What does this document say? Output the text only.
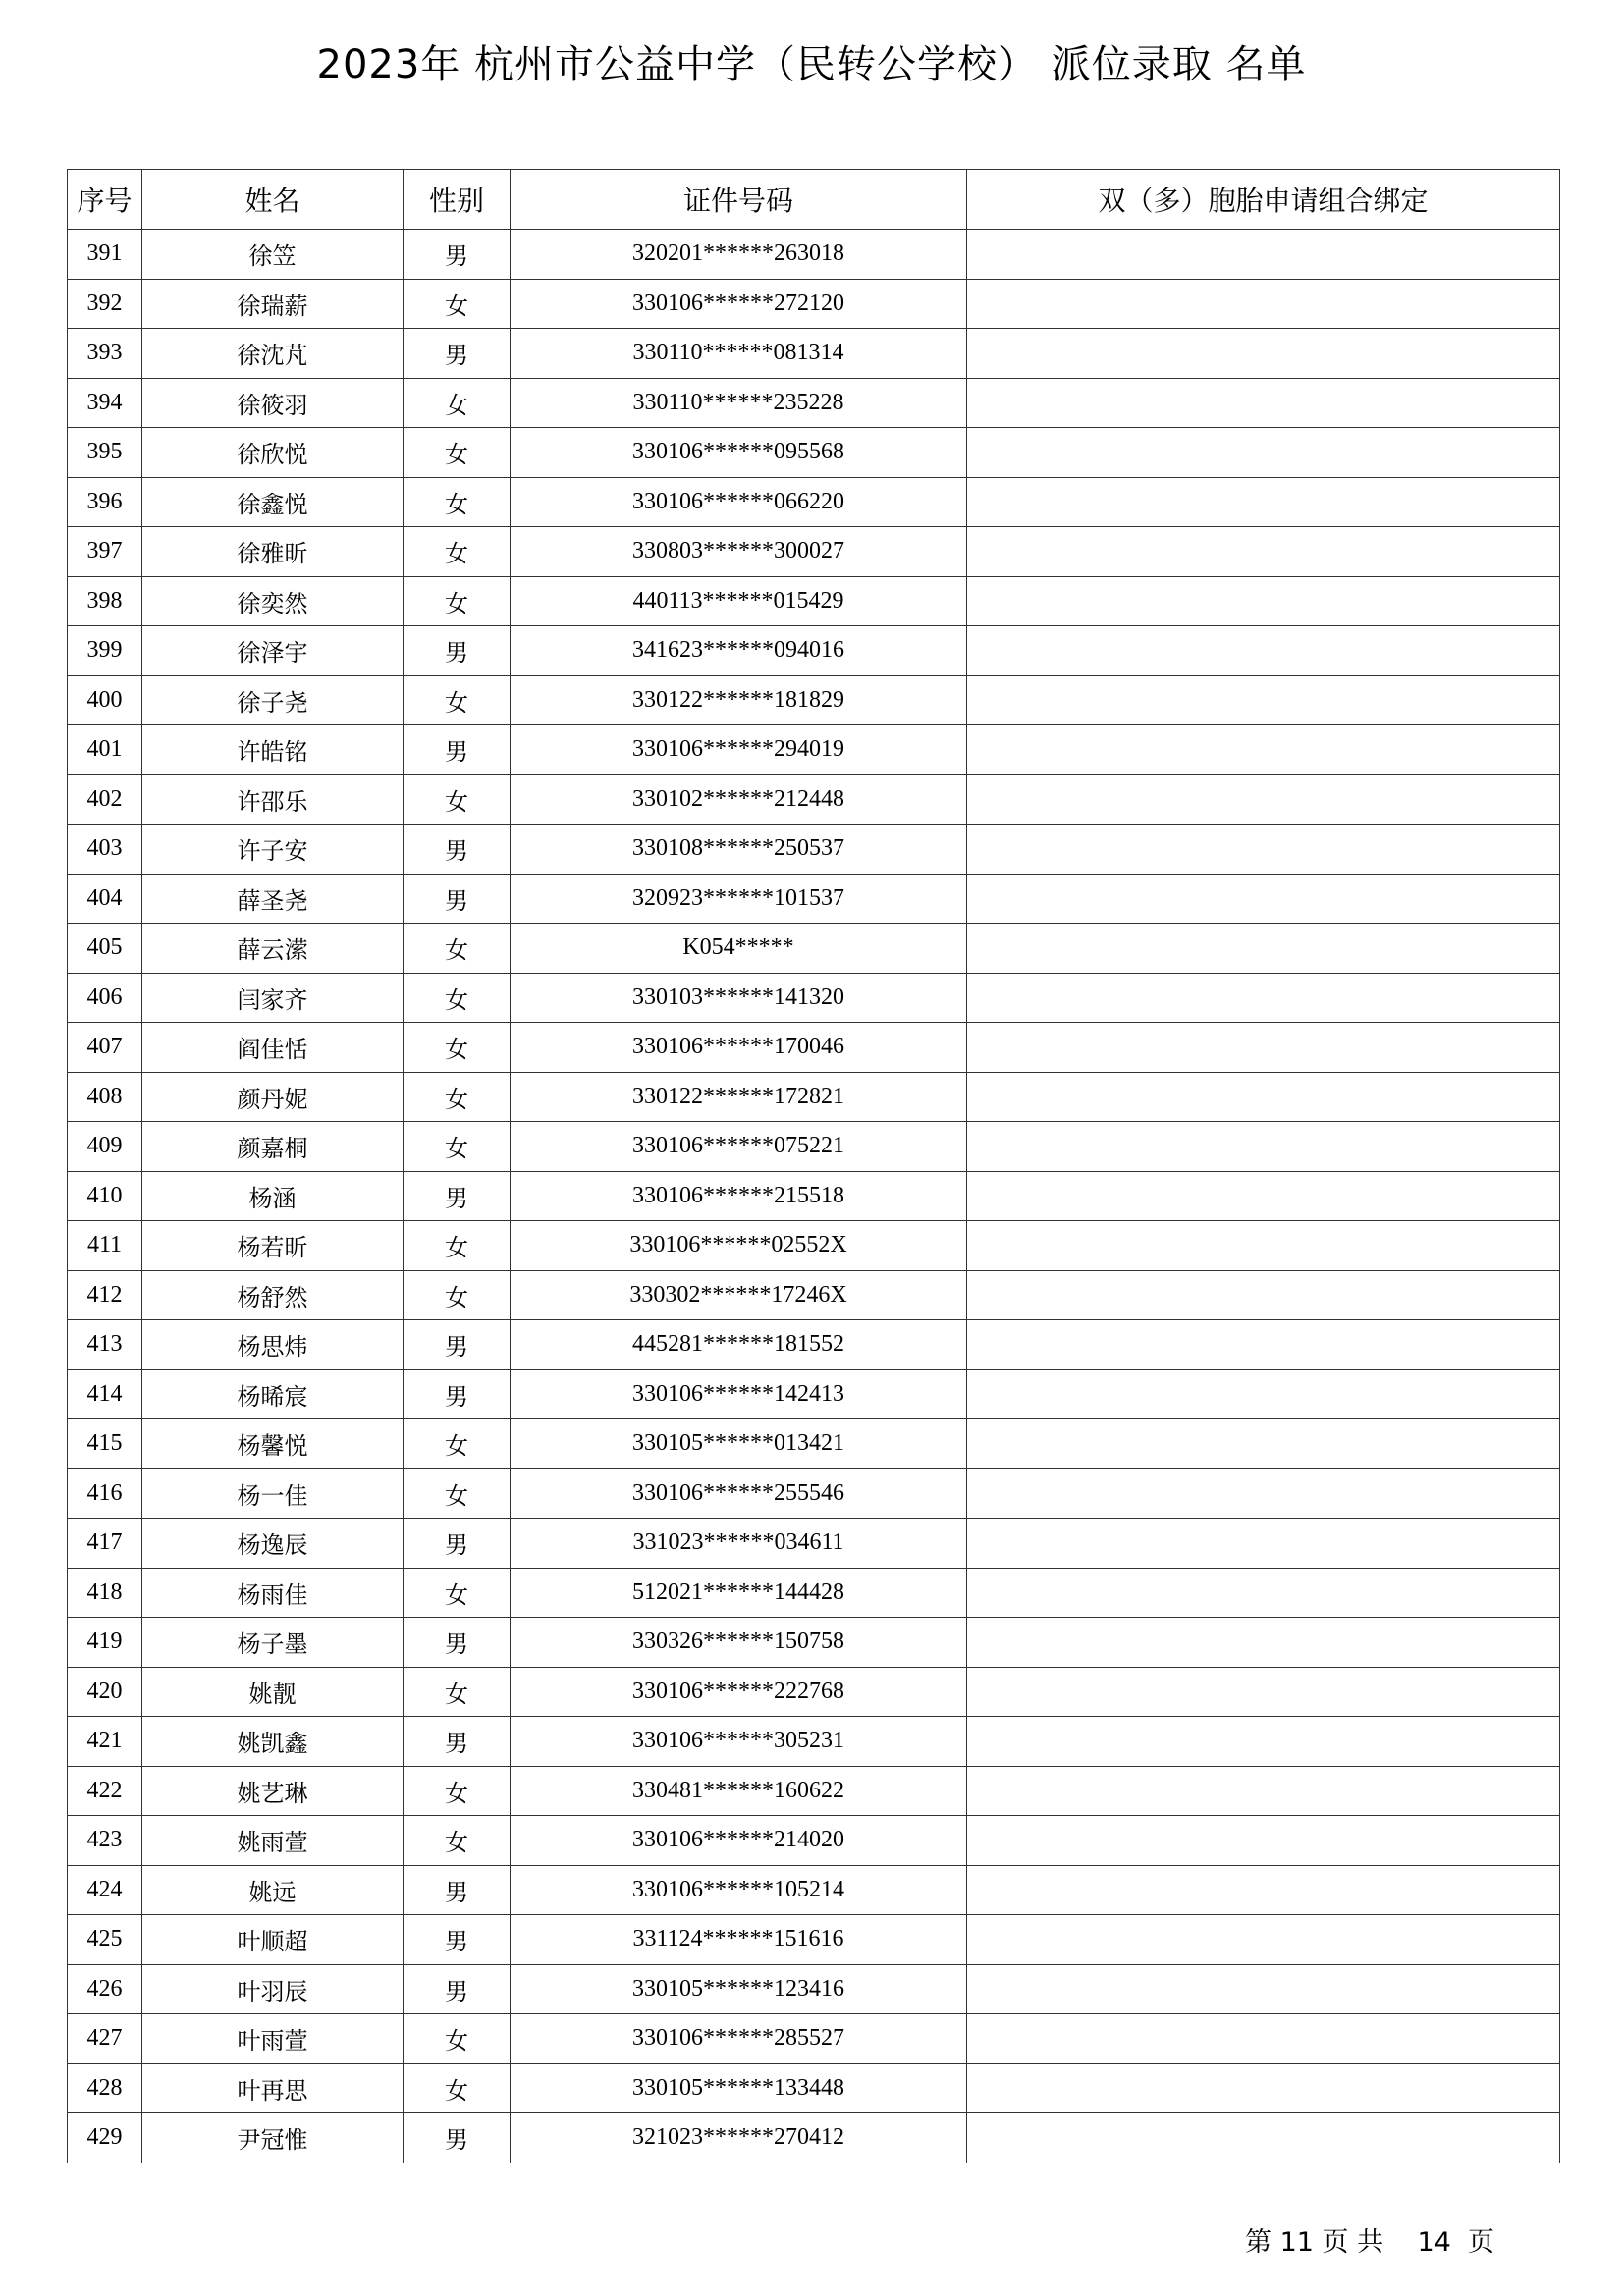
2023年 杭州市公益中学（民转公学校） 派位录取 名单
序号	姓名	性别	证件号码	双（多）胞胎申请组合绑定
391	徐笠	男	320201******263018	
392	徐瑞薪	女	330106******272120	
393	徐沈芃	男	330110******081314	
394	徐筱羽	女	330110******235228	
395	徐欣悦	女	330106******095568	
396	徐鑫悦	女	330106******066220	
397	徐雅昕	女	330803******300027	
398	徐奕然	女	440113******015429	
399	徐泽宇	男	341623******094016	
400	徐子尧	女	330122******181829	
401	许皓铭	男	330106******294019	
402	许邵乐	女	330102******212448	
403	许子安	男	330108******250537	
404	薛圣尧	男	320923******101537	
405	薛云潆	女	K054*****	
406	闫家齐	女	330103******141320	
407	阎佳恬	女	330106******170046	
408	颜丹妮	女	330122******172821	
409	颜嘉桐	女	330106******075221	
410	杨涵	男	330106******215518	
411	杨若昕	女	330106******02552X	
412	杨舒然	女	330302******17246X	
413	杨思炜	男	445281******181552	
414	杨晞宸	男	330106******142413	
415	杨馨悦	女	330105******013421	
416	杨一佳	女	330106******255546	
417	杨逸辰	男	331023******034611	
418	杨雨佳	女	512021******144428	
419	杨子墨	男	330326******150758	
420	姚靓	女	330106******222768	
421	姚凯鑫	男	330106******305231	
422	姚艺琳	女	330481******160622	
423	姚雨萱	女	330106******214020	
424	姚远	男	330106******105214	
425	叶顺超	男	331124******151616	
426	叶羽辰	男	330105******123416	
427	叶雨萱	女	330106******285527	
428	叶再思	女	330105******133448	
429	尹冠惟	男	321023******270412	
第 11 页 共 14 页
